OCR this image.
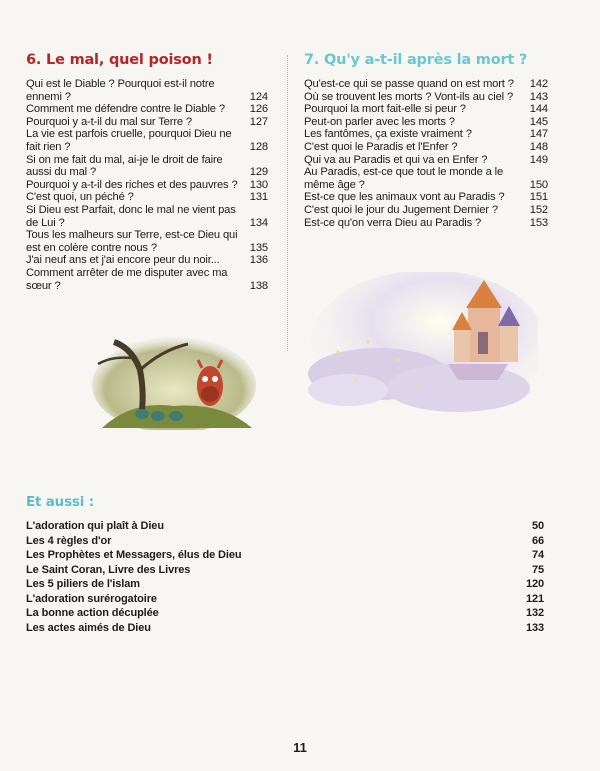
6. Le mal, quel poison !
Qui est le Diable ? Pourquoi est-il notre ennemi ?	124
Comment me défendre contre le Diable ?	126
Pourquoi y a-t-il du mal sur Terre ?	127
La vie est parfois cruelle, pourquoi Dieu ne fait rien ?	128
Si on me fait du mal, ai-je le droit de faire aussi du mal ?	129
Pourquoi y a-t-il des riches et des pauvres ?	130
C'est quoi, un péché ?	131
Si Dieu est Parfait, donc le mal ne vient pas de Lui ?	134
Tous les malheurs sur Terre, est-ce Dieu qui est en colère contre nous ?	135
J'ai neuf ans et j'ai encore peur du noir...	136
Comment arrêter de me disputer avec ma sœur ?	138
7. Qu'y a-t-il après la mort ?
Qu'est-ce qui se passe quand on est mort ?	142
Où se trouvent les morts ? Vont-ils au ciel ?	143
Pourquoi la mort fait-elle si peur ?	144
Peut-on parler avec les morts ?	145
Les fantômes, ça existe vraiment ?	147
C'est quoi le Paradis et l'Enfer ?	148
Qui va au Paradis et qui va en Enfer ?	149
Au Paradis, est-ce que tout le monde a le même âge ?	150
Est-ce que les animaux vont au Paradis ?	151
C'est quoi le jour du Jugement Dernier ?	152
Est-ce qu'on verra Dieu au Paradis ?	153
Et aussi :
L'adoration qui plaît à Dieu	50
Les 4 règles d'or	66
Les Prophètes et Messagers, élus de Dieu	74
Le Saint Coran, Livre des Livres	75
Les 5 piliers de l'islam	120
L'adoration surérogatoire	121
La bonne action décuplée	132
Les actes aimés de Dieu	133
11
